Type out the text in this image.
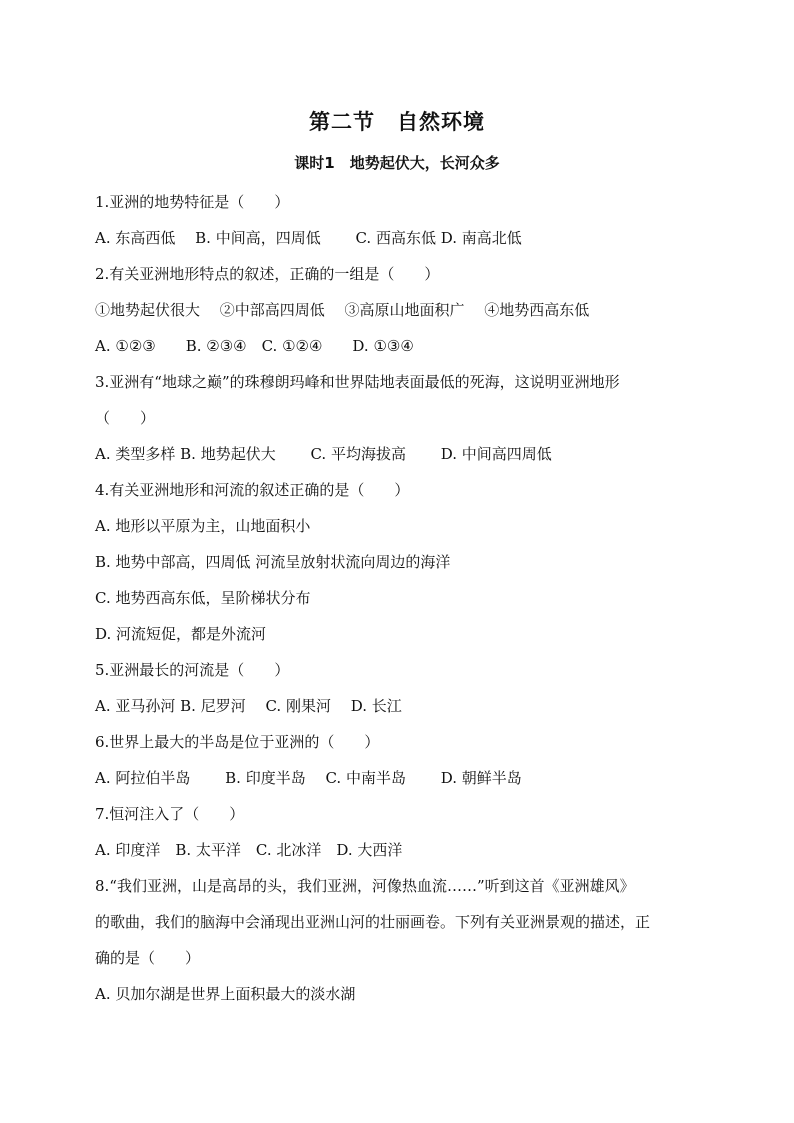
第二节　自然环境
课时1　地势起伏大，长河众多
1.亚洲的地势特征是（　　）
A. 东高西低　 B. 中间高，四周低　　 C. 西高东低 D. 南高北低
2.有关亚洲地形特点的叙述，正确的一组是（　　）
①地势起伏很大　 ②中部高四周低　 ③高原山地面积广　 ④地势西高东低
A. ①②③　　B. ②③④　C. ①②④　　D. ①③④
3.亚洲有“地球之巅”的珠穆朗玛峰和世界陆地表面最低的死海，这说明亚洲地形
（　　）
A. 类型多样 B. 地势起伏大　　 C. 平均海拔高　　 D. 中间高四周低
4.有关亚洲地形和河流的叙述正确的是（　　）
A. 地形以平原为主，山地面积小
B. 地势中部高，四周低 河流呈放射状流向周边的海洋
C. 地势西高东低，呈阶梯状分布
D. 河流短促，都是外流河
5.亚洲最长的河流是（　　）
A. 亚马孙河 B. 尼罗河　 C. 刚果河　 D. 长江
6.世界上最大的半岛是位于亚洲的（　　）
A. 阿拉伯半岛　　 B. 印度半岛　 C. 中南半岛　　 D. 朝鲜半岛
7.恒河注入了（　　）
A. 印度洋　B. 太平洋　C. 北冰洋　D. 大西洋
8.“我们亚洲，山是高昂的头，我们亚洲，河像热血流……”听到这首《亚洲雄风》
的歌曲，我们的脑海中会涌现出亚洲山河的壮丽画卷。下列有关亚洲景观的描述，正
确的是（　　）
A. 贝加尔湖是世界上面积最大的淡水湖
